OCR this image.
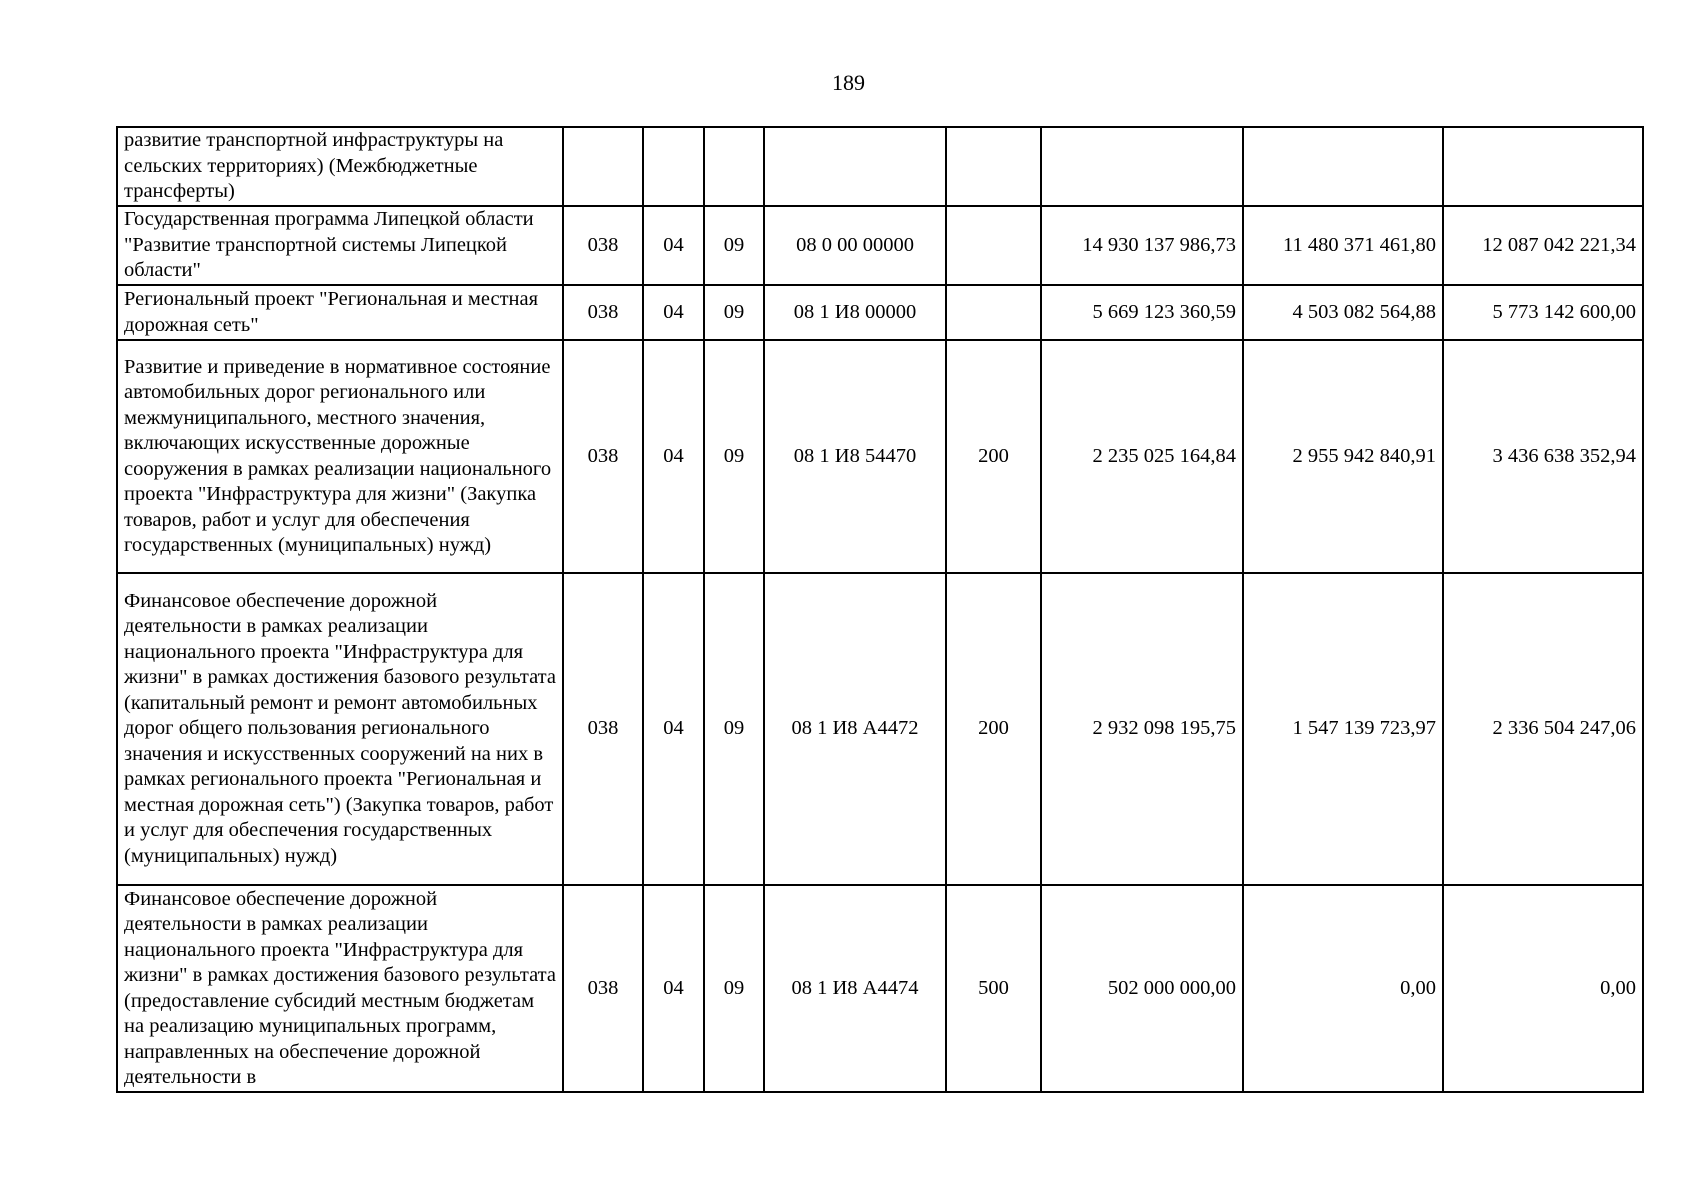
189
развитие транспортной инфраструктуры на сельских территориях) (Межбюджетные трансферты)								
Государственная программа Липецкой области "Развитие транспортной системы Липецкой области"	038	04	09	08 0 00 00000		14 930 137 986,73	11 480 371 461,80	12 087 042 221,34
Региональный проект "Региональная и местная дорожная сеть"	038	04	09	08 1 И8 00000		5 669 123 360,59	4 503 082 564,88	5 773 142 600,00
Развитие и приведение в нормативное состояние автомобильных дорог регионального или межмуниципального, местного значения, включающих искусственные дорожные сооружения в рамках реализации национального проекта "Инфраструктура для жизни" (Закупка товаров, работ и услуг для обеспечения государственных (муниципальных) нужд)	038	04	09	08 1 И8 54470	200	2 235 025 164,84	2 955 942 840,91	3 436 638 352,94
Финансовое обеспечение дорожной деятельности в рамках реализации национального проекта "Инфраструктура для жизни" в рамках достижения базового результата (капитальный ремонт и ремонт автомобильных дорог общего пользования регионального значения и искусственных сооружений на них в рамках регионального проекта "Региональная и местная дорожная сеть") (Закупка товаров, работ и услуг для обеспечения государственных (муниципальных) нужд)	038	04	09	08 1 И8 А4472	200	2 932 098 195,75	1 547 139 723,97	2 336 504 247,06
Финансовое обеспечение дорожной деятельности в рамках реализации национального проекта "Инфраструктура для жизни" в рамках достижения базового результата (предоставление субсидий местным бюджетам на реализацию муниципальных программ, направленных на обеспечение дорожной деятельности в	038	04	09	08 1 И8 А4474	500	502 000 000,00	0,00	0,00
